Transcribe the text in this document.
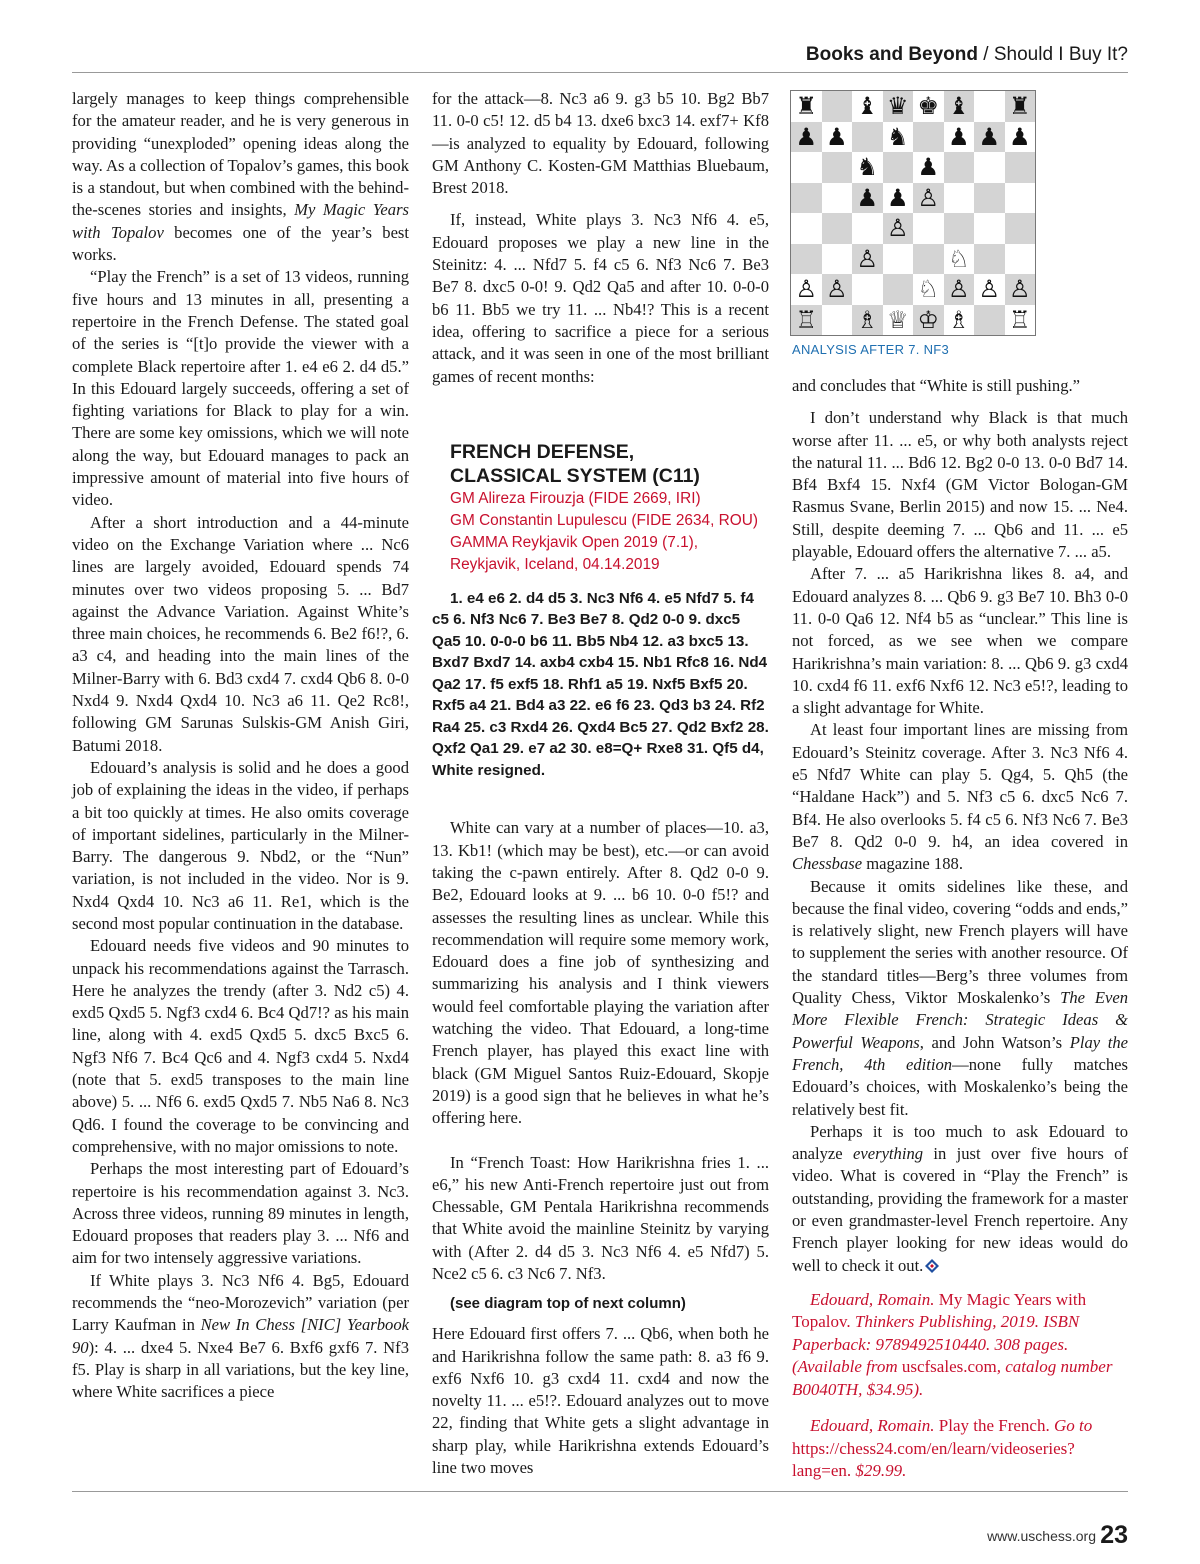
Books and Beyond / Should I Buy It?

largely manages to keep things comprehensible for the amateur reader, and he is very generous in providing “unexploded” opening ideas along the way. As a collection of Topalov’s games, this book is a standout, but when combined with the behind-the-scenes stories and insights, My Magic Years with Topalov becomes one of the year’s best works.

“Play the French” is a set of 13 videos, running five hours and 13 minutes in all, presenting a repertoire in the French Defense. The stated goal of the series is “[t]o provide the viewer with a complete Black repertoire after 1. e4 e6 2. d4 d5.” In this Edouard largely succeeds, offering a set of fighting variations for Black to play for a win. There are some key omissions, which we will note along the way, but Edouard manages to pack an impressive amount of material into five hours of video.

After a short introduction and a 44-minute video on the Exchange Variation where ... Nc6 lines are largely avoided, Edouard spends 74 minutes over two videos proposing 5. ... Bd7 against the Advance Variation. Against White’s three main choices, he recommends 6. Be2 f6!?, 6. a3 c4, and heading into the main lines of the Milner-Barry with 6. Bd3 cxd4 7. cxd4 Qb6 8. 0-0 Nxd4 9. Nxd4 Qxd4 10. Nc3 a6 11. Qe2 Rc8!, following GM Sarunas Sulskis-GM Anish Giri, Batumi 2018.

Edouard’s analysis is solid and he does a good job of explaining the ideas in the video, if perhaps a bit too quickly at times. He also omits coverage of important sidelines, particularly in the Milner-Barry. The dangerous 9. Nbd2, or the “Nun” variation, is not included in the video. Nor is 9. Nxd4 Qxd4 10. Nc3 a6 11. Re1, which is the second most popular continuation in the database.

Edouard needs five videos and 90 minutes to unpack his recommendations against the Tarrasch. Here he analyzes the trendy (after 3. Nd2 c5) 4. exd5 Qxd5 5. Ngf3 cxd4 6. Bc4 Qd7!? as his main line, along with 4. exd5 Qxd5 5. dxc5 Bxc5 6. Ngf3 Nf6 7. Bc4 Qc6 and 4. Ngf3 cxd4 5. Nxd4 (note that 5. exd5 transposes to the main line above) 5. ... Nf6 6. exd5 Qxd5 7. Nb5 Na6 8. Nc3 Qd6. I found the coverage to be convincing and comprehensive, with no major omissions to note.

Perhaps the most interesting part of Edouard’s repertoire is his recommendation against 3. Nc3. Across three videos, running 89 minutes in length, Edouard proposes that readers play 3. ... Nf6 and aim for two intensely aggressive variations.

If White plays 3. Nc3 Nf6 4. Bg5, Edouard recommends the “neo-Morozevich” variation (per Larry Kaufman in New In Chess [NIC] Yearbook 90): 4. ... dxe4 5. Nxe4 Be7 6. Bxf6 gxf6 7. Nf3 f5. Play is sharp in all variations, but the key line, where White sacrifices a piece

for the attack—8. Nc3 a6 9. g3 b5 10. Bg2 Bb7 11. 0-0 c5! 12. d5 b4 13. dxe6 bxc3 14. exf7+ Kf8—is analyzed to equality by Edouard, following GM Anthony C. Kosten-GM Matthias Bluebaum, Brest 2018.

If, instead, White plays 3. Nc3 Nf6 4. e5, Edouard proposes we play a new line in the Steinitz: 4. ... Nfd7 5. f4 c5 6. Nf3 Nc6 7. Be3 Be7 8. dxc5 0-0! 9. Qd2 Qa5 and after 10. 0-0-0 b6 11. Bb5 we try 11. ... Nb4!? This is a recent idea, offering to sacrifice a piece for a serious attack, and it was seen in one of the most brilliant games of recent months:

FRENCH DEFENSE,

CLASSICAL SYSTEM (C11)

GM Alireza Firouzja (FIDE 2669, IRI)

GM Constantin Lupulescu (FIDE 2634, ROU)

GAMMA Reykjavik Open 2019 (7.1),

Reykjavik, Iceland, 04.14.2019

1. e4 e6 2. d4 d5 3. Nc3 Nf6 4. e5 Nfd7 5. f4 c5 6. Nf3 Nc6 7. Be3 Be7 8. Qd2 0-0 9. dxc5 Qa5 10. 0-0-0 b6 11. Bb5 Nb4 12. a3 bxc5 13. Bxd7 Bxd7 14. axb4 cxb4 15. Nb1 Rfc8 16. Nd4 Qa2 17. f5 exf5 18. Rhf1 a5 19. Nxf5 Bxf5 20. Rxf5 a4 21. Bd4 a3 22. e6 f6 23. Qd3 b3 24. Rf2 Ra4 25. c3 Rxd4 26. Qxd4 Bc5 27. Qd2 Bxf2 28. Qxf2 Qa1 29. e7 a2 30. e8=Q+ Rxe8 31. Qf5 d4, White resigned.

White can vary at a number of places—10. a3, 13. Kb1! (which may be best), etc.—or can avoid taking the c-pawn entirely. After 8. Qd2 0-0 9. Be2, Edouard looks at 9. ... b6 10. 0-0 f5!? and assesses the resulting lines as unclear. While this recommendation will require some memory work, Edouard does a fine job of synthesizing and summarizing his analysis and I think viewers would feel comfortable playing the variation after watching the video. That Edouard, a long-time French player, has played this exact line with black (GM Miguel Santos Ruiz-Edouard, Skopje 2019) is a good sign that he believes in what he’s offering here.

In “French Toast: How Harikrishna fries 1. ... e6,” his new Anti-French repertoire just out from Chessable, GM Pentala Harikrishna recommends that White avoid the mainline Steinitz by varying with (After 2. d4 d5 3. Nc3 Nf6 4. e5 Nfd7) 5. Nce2 c5 6. c3 Nc6 7. Nf3.

(see diagram top of next column)

Here Edouard first offers 7. ... Qb6, when both he and Harikrishna follow the same path: 8. a3 f6 9. exf6 Nxf6 10. g3 cxd4 11. cxd4 and now the novelty 11. ... e5!?. Edouard analyzes out to move 22, finding that White gets a slight advantage in sharp play, while Harikrishna extends Edouard’s line two moves

♜ ♝ ♛ ♚ ♝ ♜
♟ ♟ ♞ ♟ ♟ ♟
♞ ♟
♟ ♟ ♙
♙
♙	♘
♙ ♙	♘ ♙ ♙ ♙
♖ ♗ ♕ ♔ ♗ ♖
ANALYSIS AFTER 7. NF3

and concludes that “White is still pushing.”

I don’t understand why Black is that much worse after 11. ... e5, or why both analysts reject the natural 11. ... Bd6 12. Bg2 0-0 13. 0-0 Bd7 14. Bf4 Bxf4 15. Nxf4 (GM Victor Bologan-GM Rasmus Svane, Berlin 2015) and now 15. ... Ne4. Still, despite deeming 7. ... Qb6 and 11. ... e5 playable, Edouard offers the alternative 7. ... a5.

After 7. ... a5 Harikrishna likes 8. a4, and Edouard analyzes 8. ... Qb6 9. g3 Be7 10. Bh3 0-0 11. 0-0 Qa6 12. Nf4 b5 as “unclear.” This line is not forced, as we see when we compare Harikrishna’s main variation: 8. ... Qb6 9. g3 cxd4 10. cxd4 f6 11. exf6 Nxf6 12. Nc3 e5!?, leading to a slight advantage for White.

At least four important lines are missing from Edouard’s Steinitz coverage. After 3. Nc3 Nf6 4. e5 Nfd7 White can play 5. Qg4, 5. Qh5 (the “Haldane Hack”) and 5. Nf3 c5 6. dxc5 Nc6 7. Bf4. He also overlooks 5. f4 c5 6. Nf3 Nc6 7. Be3 Be7 8. Qd2 0-0 9. h4, an idea covered in Chessbase magazine 188.

Because it omits sidelines like these, and because the final video, covering “odds and ends,” is relatively slight, new French players will have to supplement the series with another resource. Of the standard titles—Berg’s three volumes from Quality Chess, Viktor Moskalenko’s The Even More Flexible French: Strategic Ideas & Powerful Weapons, and John Watson’s Play the French, 4th edition—none fully matches Edouard’s choices, with Moskalenko’s being the relatively best fit.

Perhaps it is too much to ask Edouard to analyze everything in just over five hours of video. What is covered in “Play the French” is outstanding, providing the framework for a master or even grandmaster-level French repertoire. Any French player looking for new ideas would do well to check it out.

Edouard, Romain. My Magic Years with Topalov. Thinkers Publishing, 2019. ISBN Paperback: 9789492510440. 308 pages. (Available from uscfsales.com, catalog number B0040TH, $34.95).

Edouard, Romain. Play the French. Go to https://chess24.com/en/learn/videoseries?lang=en. $29.99.

www.uschess.org 23
